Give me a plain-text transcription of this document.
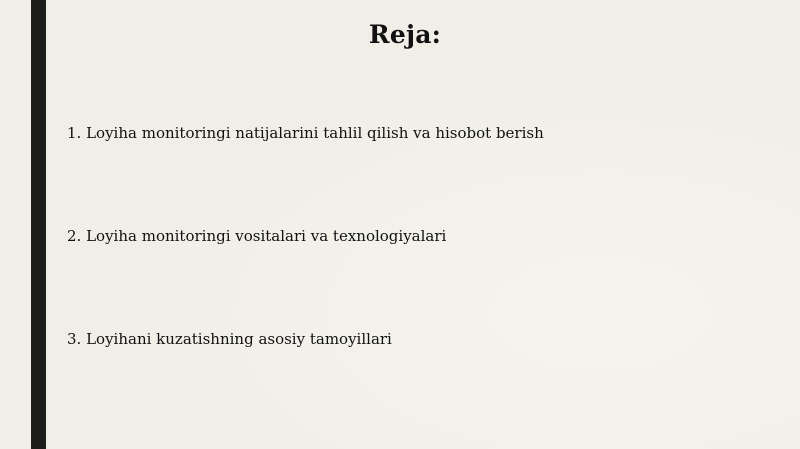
Reja:
1. Loyiha monitoringi natijalarini tahlil qilish va hisobot berish
2. Loyiha monitoringi vositalari va texnologiyalari
3. Loyihani kuzatishning asosiy tamoyillari
